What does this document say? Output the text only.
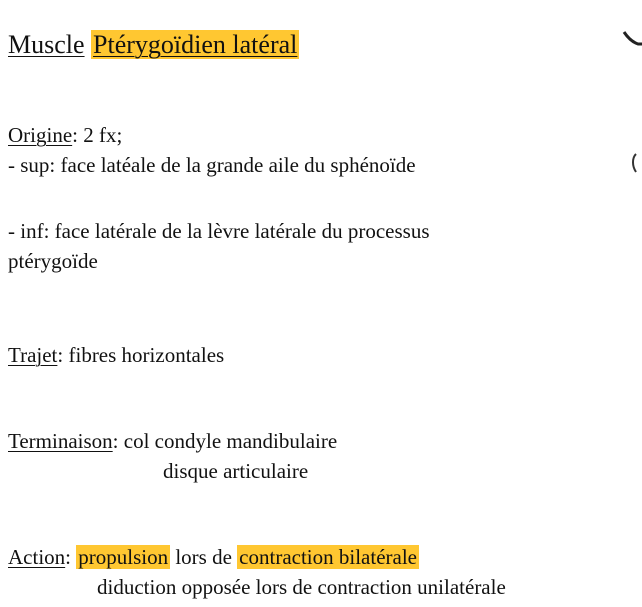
Muscle Ptérygoïdien latéral
Origine: 2 fx;
- sup: face latéale de la grande aile du sphénoïde
- inf: face latérale de la lèvre latérale du processus
ptérygoïde
Trajet: fibres horizontales
Terminaison: col condyle mandibulaire
disque articulaire
Action: propulsion lors de contraction bilatérale
diduction opposée lors de contraction unilatérale
